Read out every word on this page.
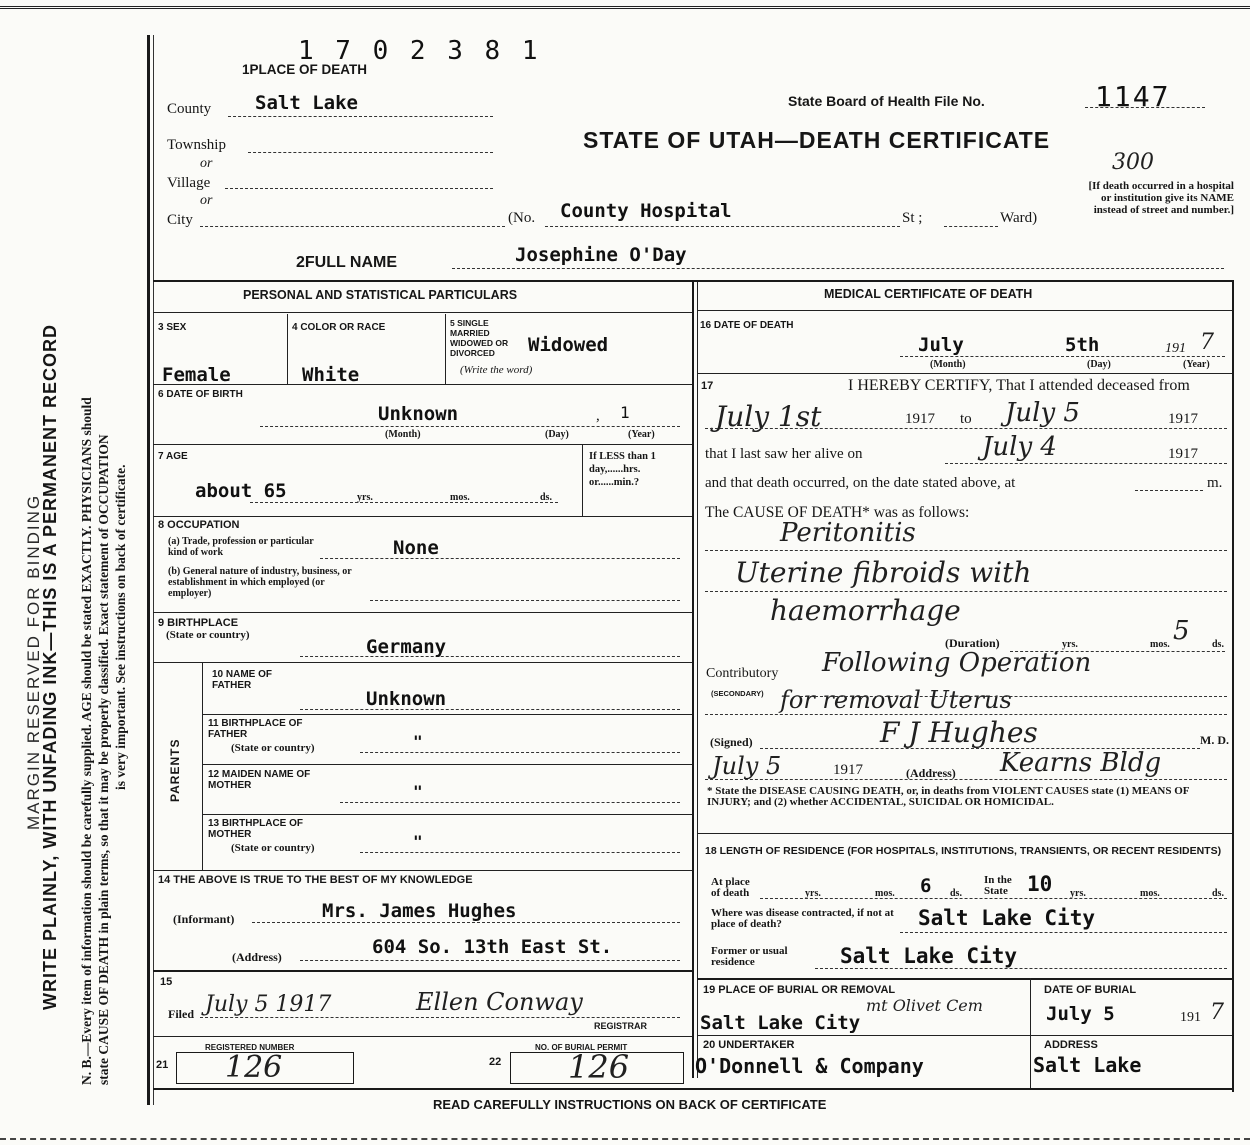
MARGIN RESERVED FOR BINDING
WRITE PLAINLY, WITH UNFADING INK—THIS IS A PERMANENT RECORD N. B.—Every item of information should be carefully supplied. AGE should be stated EXACTLY. PHYSICIANS should state CAUSE OF DEATH in plain terms, so that it may be properly classified. Exact statement of OCCUPATION is very important. See instructions on back of certificate.
1 7 0 2 3 8 1
1PLACE OF DEATH
County Salt Lake
Township
or
Village
or
City	(No. County Hospital	St ;	Ward)
State Board of Health File No.	1147
STATE OF UTAH—DEATH CERTIFICATE
300
[If death occurred in a hospital or institution give its NAME instead of street and number.]
2FULL NAME	Josephine O'Day
PERSONAL AND STATISTICAL PARTICULARS	MEDICAL CERTIFICATE OF DEATH
3 SEX
Female
4 COLOR OR RACE
White
5 SINGLE MARRIED WIDOWED OR DIVORCED	Widowed
(Write the word)
6 DATE OF BIRTH
Unknown	, 1
(Month)	(Day)	(Year)
7 AGE
about 65	yrs.	mos.	ds.
If LESS than 1 day,......hrs. or......min.?
8 OCCUPATION
(a) Trade, profession or particular kind of work	None
(b) General nature of industry, business, or establishment in which employed (or employer)
9 BIRTHPLACE
(State or country)
Germany
PARENTS
10 NAME OF FATHER
Unknown
11 BIRTHPLACE OF FATHER
(State or country)	"
12 MAIDEN NAME OF MOTHER	"
13 BIRTHPLACE OF MOTHER
(State or country)	"
14 THE ABOVE IS TRUE TO THE BEST OF MY KNOWLEDGE
(Informant)	Mrs. James Hughes
(Address)	604 So. 13th East St.
15
Filed July 5 1917	Ellen Conway
REGISTRAR
REGISTERED NUMBER
21 126
NO. OF BURIAL PERMIT
22 126
16 DATE OF DEATH
July	5th	191 7
(Month)	(Day)	(Year)
17	I HEREBY CERTIFY, That I attended deceased from
July 1st	1917 to July 5	1917
that I last saw her alive on	July 4	1917
and that death occurred, on the date stated above, at	m.
The CAUSE OF DEATH* was as follows:
Peritonitis
Uterine fibroids with
haemorrhage
(Duration)	yrs.	mos. 5 ds.
Contributory
(SECONDARY)
Following Operation
for removal Uterus
(Signed)	F J Hughes	M. D.
July 5	1917	(Address) Kearns Bldg
* State the DISEASE CAUSING DEATH, or, in deaths from VIOLENT CAUSES state (1) MEANS OF INJURY; and (2) whether ACCIDENTAL, SUICIDAL OR HOMICIDAL.
18 LENGTH OF RESIDENCE (FOR HOSPITALS, INSTITUTIONS, TRANSIENTS, OR RECENT RESIDENTS)
At place of death	yrs.	mos. 6 ds.
In the State 10 yrs.	mos.	ds.
Where was disease contracted, if not at place of death?	Salt Lake City
Former or usual residence	Salt Lake City
19 PLACE OF BURIAL OR REMOVAL
mt Olivet Cem
Salt Lake City
DATE OF BURIAL
July 5	191 7
20 UNDERTAKER
O'Donnell & Company
ADDRESS
Salt Lake
READ CAREFULLY INSTRUCTIONS ON BACK OF CERTIFICATE
